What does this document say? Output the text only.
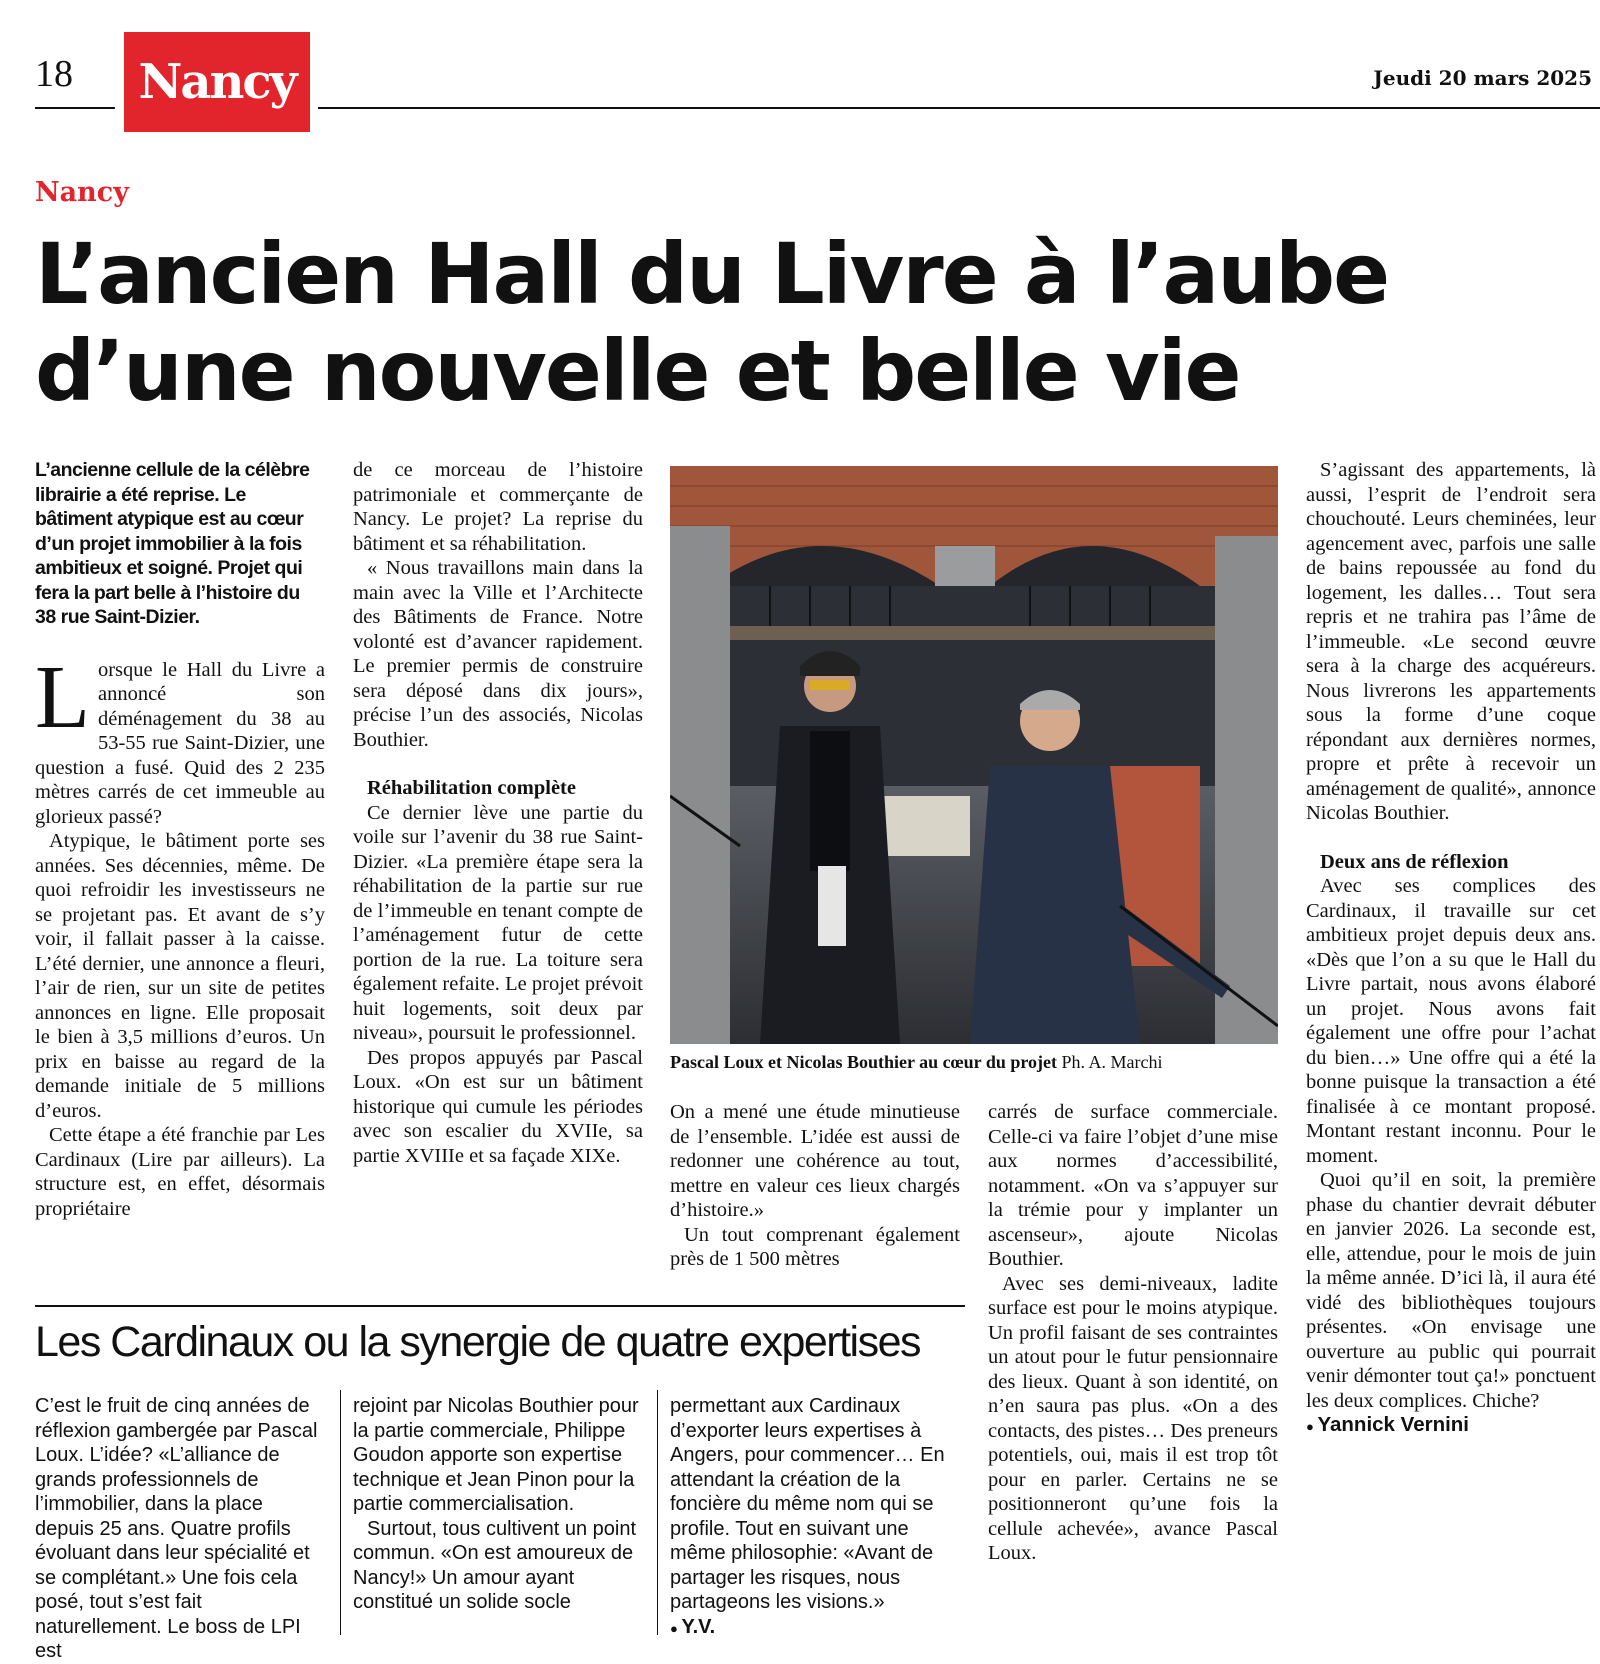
18 Nancy	Jeudi 20 mars 2025
Nancy
L’ancien Hall du Livre à l’aube d’une nouvelle et belle vie

L’ancienne cellule de la célèbre librairie a été reprise. Le bâtiment atypique est au cœur d’un projet immobilier à la fois ambitieux et soigné. Projet qui fera la part belle à l’histoire du 38 rue Saint-Dizier.

Lorsque le Hall du Livre a annoncé son déménagement du 38 au 53-55 rue Saint-Dizier, une question a fusé. Quid des 2 235 mètres carrés de cet immeuble au glorieux passé?

Atypique, le bâtiment porte ses années. Ses décennies, même. De quoi refroidir les investisseurs ne se projetant pas. Et avant de s’y voir, il fallait passer à la caisse. L’été dernier, une annonce a fleuri, l’air de rien, sur un site de petites annonces en ligne. Elle proposait le bien à 3,5 millions d’euros. Un prix en baisse au regard de la demande initiale de 5 millions d’euros.

Cette étape a été franchie par Les Cardinaux (Lire par ailleurs). La structure est, en effet, désormais propriétaire

de ce morceau de l’histoire patrimoniale et commerçante de Nancy. Le projet? La reprise du bâtiment et sa réhabilitation.

« Nous travaillons main dans la main avec la Ville et l’Architecte des Bâtiments de France. Notre volonté est d’avancer rapidement. Le premier permis de construire sera déposé dans dix jours», précise l’un des associés, Nicolas Bouthier.

Réhabilitation complète

Ce dernier lève une partie du voile sur l’avenir du 38 rue Saint-Dizier. «La première étape sera la réhabilitation de la partie sur rue de l’immeuble en tenant compte de l’aménagement futur de cette portion de la rue. La toiture sera également refaite. Le projet prévoit huit logements, soit deux par niveau», poursuit le professionnel.

Des propos appuyés par Pascal Loux. «On est sur un bâtiment historique qui cumule les périodes avec son escalier du XVIIe, sa partie XVIIIe et sa façade XIXe.

Pascal Loux et Nicolas Bouthier au cœur du projet Ph. A. Marchi

On a mené une étude minutieuse de l’ensemble. L’idée est aussi de redonner une cohérence au tout, mettre en valeur ces lieux chargés d’histoire.»

Un tout comprenant également près de 1 500 mètres

carrés de surface commerciale. Celle-ci va faire l’objet d’une mise aux normes d’accessibilité, notamment. «On va s’appuyer sur la trémie pour y implanter un ascenseur», ajoute Nicolas Bouthier.

Avec ses demi-niveaux, ladite surface est pour le moins atypique. Un profil faisant de ses contraintes un atout pour le futur pensionnaire des lieux. Quant à son identité, on n’en saura pas plus. «On a des contacts, des pistes… Des preneurs potentiels, oui, mais il est trop tôt pour en parler. Certains ne se positionneront qu’une fois la cellule achevée», avance Pascal Loux.

S’agissant des appartements, là aussi, l’esprit de l’endroit sera chouchouté. Leurs cheminées, leur agencement avec, parfois une salle de bains repoussée au fond du logement, les dalles… Tout sera repris et ne trahira pas l’âme de l’immeuble. «Le second œuvre sera à la charge des acquéreurs. Nous livrerons les appartements sous la forme d’une coque répondant aux dernières normes, propre et prête à recevoir un aménagement de qualité», annonce Nicolas Bouthier.

Deux ans de réflexion

Avec ses complices des Cardinaux, il travaille sur cet ambitieux projet depuis deux ans. «Dès que l’on a su que le Hall du Livre partait, nous avons élaboré un projet. Nous avons fait également une offre pour l’achat du bien…» Une offre qui a été la bonne puisque la transaction a été finalisée à ce montant proposé. Montant restant inconnu. Pour le moment.

Quoi qu’il en soit, la première phase du chantier devrait débuter en janvier 2026. La seconde est, elle, attendue, pour le mois de juin la même année. D’ici là, il aura été vidé des bibliothèques toujours présentes. «On envisage une ouverture au public qui pourrait venir démonter tout ça!» ponctuent les deux complices. Chiche?

● Yannick Vernini
Les Cardinaux ou la synergie de quatre expertises

C’est le fruit de cinq années de réflexion gambergée par Pascal Loux. L’idée? «L’alliance de grands professionnels de l’immobilier, dans la place depuis 25 ans. Quatre profils évoluant dans leur spécialité et se complétant.» Une fois cela posé, tout s’est fait naturellement. Le boss de LPI est

rejoint par Nicolas Bouthier pour la partie commerciale, Philippe Goudon apporte son expertise technique et Jean Pinon pour la partie commercialisation.

Surtout, tous cultivent un point commun. «On est amoureux de Nancy!» Un amour ayant constitué un solide socle

permettant aux Cardinaux d’exporter leurs expertises à Angers, pour commencer… En attendant la création de la foncière du même nom qui se profile. Tout en suivant une même philosophie: «Avant de partager les risques, nous partageons les visions.»

● Y.V.
